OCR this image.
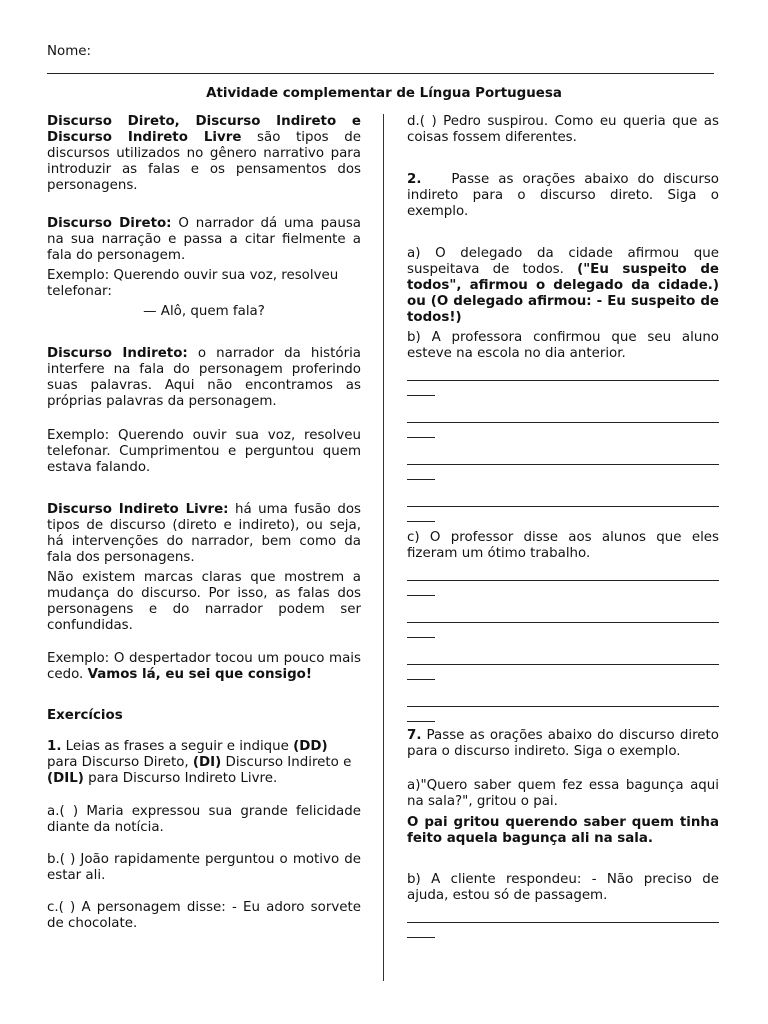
Nome:
Atividade complementar de Língua Portuguesa

Discurso Direto, Discurso Indireto e Discurso Indireto Livre são tipos de discursos utilizados no gênero narrativo para introduzir as falas e os pensamentos dos personagens.

Discurso Direto: O narrador dá uma pausa na sua narração e passa a citar fielmente a fala do personagem.

Exemplo: Querendo ouvir sua voz, resolveu telefonar:

— Alô, quem fala?

Discurso Indireto: o narrador da história interfere na fala do personagem proferindo suas palavras. Aqui não encontramos as próprias palavras da personagem.

Exemplo: Querendo ouvir sua voz, resolveu telefonar. Cumprimentou e perguntou quem estava falando.

Discurso Indireto Livre: há uma fusão dos tipos de discurso (direto e indireto), ou seja, há intervenções do narrador, bem como da fala dos personagens.

Não existem marcas claras que mostrem a mudança do discurso. Por isso, as falas dos personagens e do narrador podem ser confundidas.

Exemplo: O despertador tocou um pouco mais cedo. Vamos lá, eu sei que consigo!

Exercícios

1. Leias as frases a seguir e indique (DD) para Discurso Direto, (DI) Discurso Indireto e (DIL) para Discurso Indireto Livre.

a.( ) Maria expressou sua grande felicidade diante da notícia.

b.( ) João rapidamente perguntou o motivo de estar ali.

c.( ) A personagem disse: - Eu adoro sorvete de chocolate.

d.( ) Pedro suspirou. Como eu queria que as coisas fossem diferentes.

2. Passe as orações abaixo do discurso indireto para o discurso direto. Siga o exemplo.

a) O delegado da cidade afirmou que suspeitava de todos. ("Eu suspeito de todos", afirmou o delegado da cidade.) ou (O delegado afirmou: - Eu suspeito de todos!)

b) A professora confirmou que seu aluno esteve na escola no dia anterior.

c) O professor disse aos alunos que eles fizeram um ótimo trabalho.

7. Passe as orações abaixo do discurso direto para o discurso indireto. Siga o exemplo.

a)"Quero saber quem fez essa bagunça aqui na sala?", gritou o pai.

O pai gritou querendo saber quem tinha feito aquela bagunça ali na sala.

b) A cliente respondeu: - Não preciso de ajuda, estou só de passagem.
